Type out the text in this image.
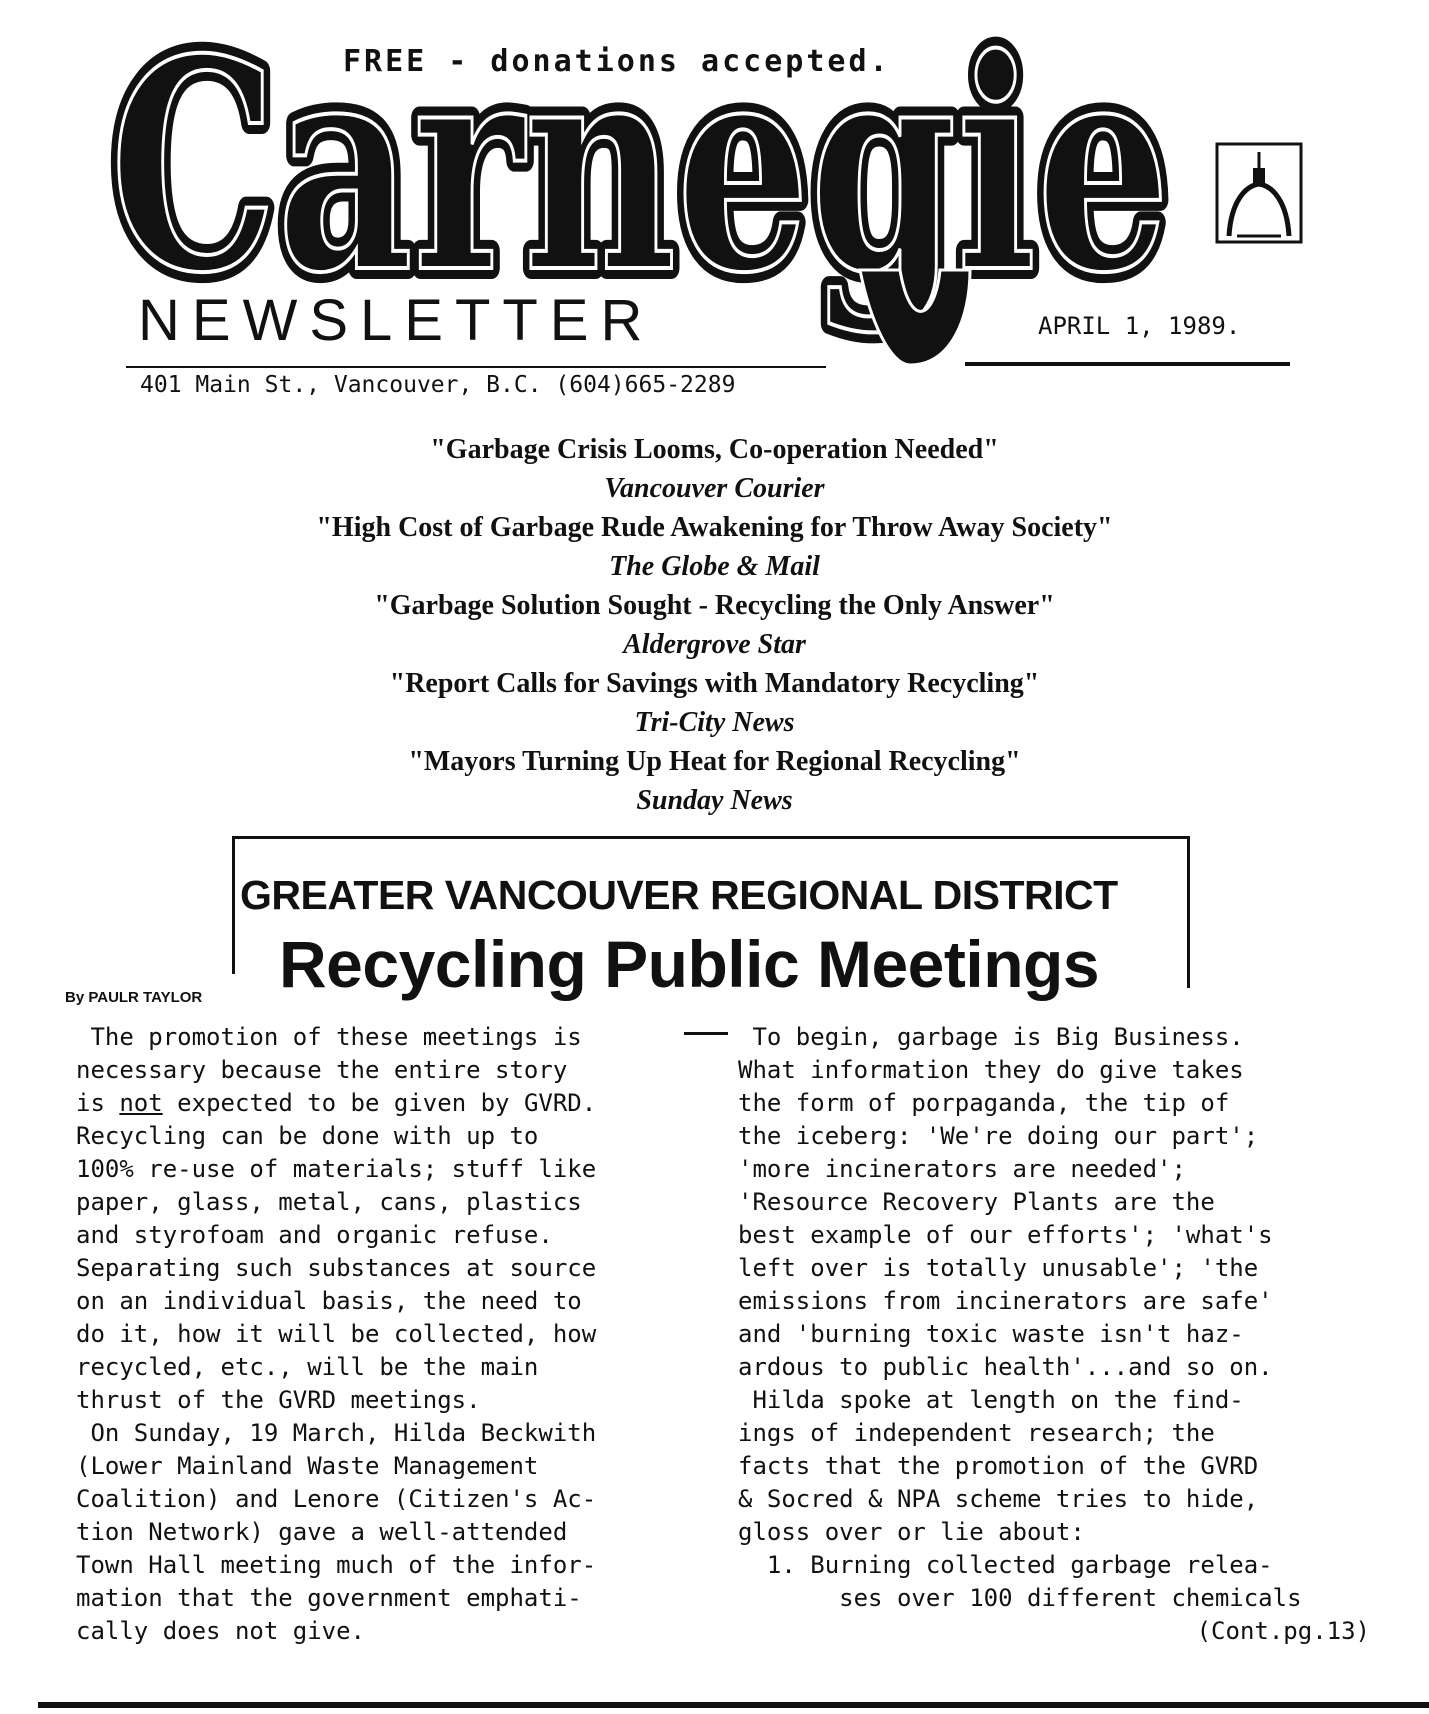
FREE - donations accepted.
Carnegie
Carnegie
NEWSLETTER	APRIL 1, 1989.
401 Main St., Vancouver, B.C. (604)665-2289

"Garbage Crisis Looms, Co-operation Needed"

Vancouver Courier

"High Cost of Garbage Rude Awakening for Throw Away Society"

The Globe & Mail

"Garbage Solution Sought - Recycling the Only Answer"

Aldergrove Star

"Report Calls for Savings with Mandatory Recycling"

Tri-City News

"Mayors Turning Up Heat for Regional Recycling"

Sunday News

GREATER VANCOUVER REGIONAL DISTRICT
Recycling Public Meetings
By PAULR TAYLOR

The promotion of these meetings is
necessary because the entire story
is not expected to be given by GVRD.
Recycling can be done with up to
100% re-use of materials; stuff like
paper, glass, metal, cans, plastics
and styrofoam and organic refuse.
Separating such substances at source
on an individual basis, the need to
do it, how it will be collected, how
recycled, etc., will be the main
thrust of the GVRD meetings.

On Sunday, 19 March, Hilda Beckwith
(Lower Mainland Waste Management
Coalition) and Lenore (Citizen's Ac-
tion Network) gave a well-attended
Town Hall meeting much of the infor-
mation that the government emphati-
cally does not give.

To begin, garbage is Big Business.
What information they do give takes
the form of porpaganda, the tip of
the iceberg: 'We're doing our part';
'more incinerators are needed';
'Resource Recovery Plants are the
best example of our efforts'; 'what's
left over is totally unusable'; 'the
emissions from incinerators are safe'
and 'burning toxic waste isn't haz-
ardous to public health'...and so on.

Hilda spoke at length on the find-
ings of independent research; the
facts that the promotion of the GVRD
& Socred & NPA scheme tries to hide,
gloss over or lie about:
1. Burning collected garbage relea-
ses over 100 different chemicals

(Cont.pg.13)
